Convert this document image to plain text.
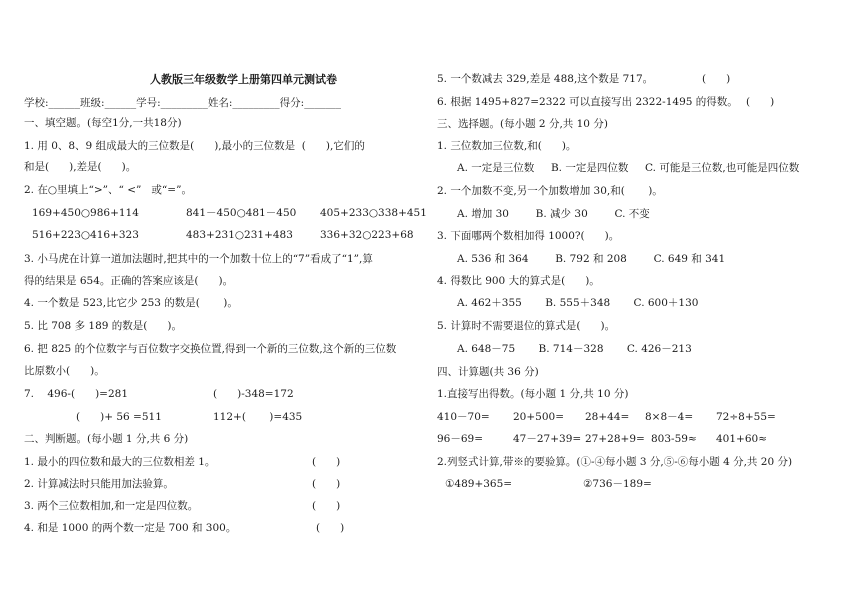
人教版三年级数学上册第四单元测试卷
学校:______班级:______学号:_________姓名:_________得分:_______
一、填空题。(每空1分,一共18分)
1. 用 0、8、9 组成最大的三位数是(      ),最小的三位数是  (      ),它们的
和是(      ),差是(      )。
2. 在○里填上“>”、“ <”   或“=”。
169+450○986+114	841－450○481－450 405+233○338+451
516+223○416+323	483+231○231+483	336+32○223+68
3. 小马虎在计算一道加法题时,把其中的一个加数十位上的“7”看成了“1”,算
得的结果是 654。正确的答案应该是(      )。
4. 一个数是 523,比它少 253 的数是(       )。
5. 比 708 多 189 的数是(      )。
6. 把 825 的个位数字与百位数字交换位置,得到一个新的三位数,这个新的三位数
比原数小(      )。
7.    496-(      )=281	(      )-348=172
(      )+ 56 =511	112+(       )=435
二、判断题。(每小题 1 分,共 6 分)
1. 最小的四位数和最大的三位数相差 1。	(      )
2. 计算减法时只能用加法验算。	(      )
3. 两个三位数相加,和一定是四位数。	(      )
4. 和是 1000 的两个数一定是 700 和 300。	(      )
5. 一个数减去 329,差是 488,这个数是 717。	(      )
6. 根据 1495+827=2322 可以直接写出 2322-1495 的得数。 (      )
三、选择题。(每小题 2 分,共 10 分)
1. 三位数加三位数,和(      )。
A. 一定是三位数     B. 一定是四位数     C. 可能是三位数,也可能是四位数
2. 一个加数不变,另一个加数增加 30,和(       )。
A. 增加 30        B. 减少 30        C. 不变
3. 下面哪两个数相加得 1000?(      )。
A. 536 和 364        B. 792 和 208        C. 649 和 341
4. 得数比 900 大的算式是(      )。
A. 462＋355       B. 555＋348       C. 600＋130
5. 计算时不需要退位的算式是(      )。
A. 648－75       B. 714－328       C. 426－213
四、计算题(共 36 分)
1.直接写出得数。(每小题 1 分,共 10 分)
410－70= 20+500= 28+44= 8×8－4= 72÷8+55=
96－69=	47－27+39= 27+28+9= 803-59≈ 401+60≈
2.列竖式计算,带※的要验算。(①-④每小题 3 分,⑤-⑥每小题 4 分,共 20 分)
①489+365=	②736－189=
